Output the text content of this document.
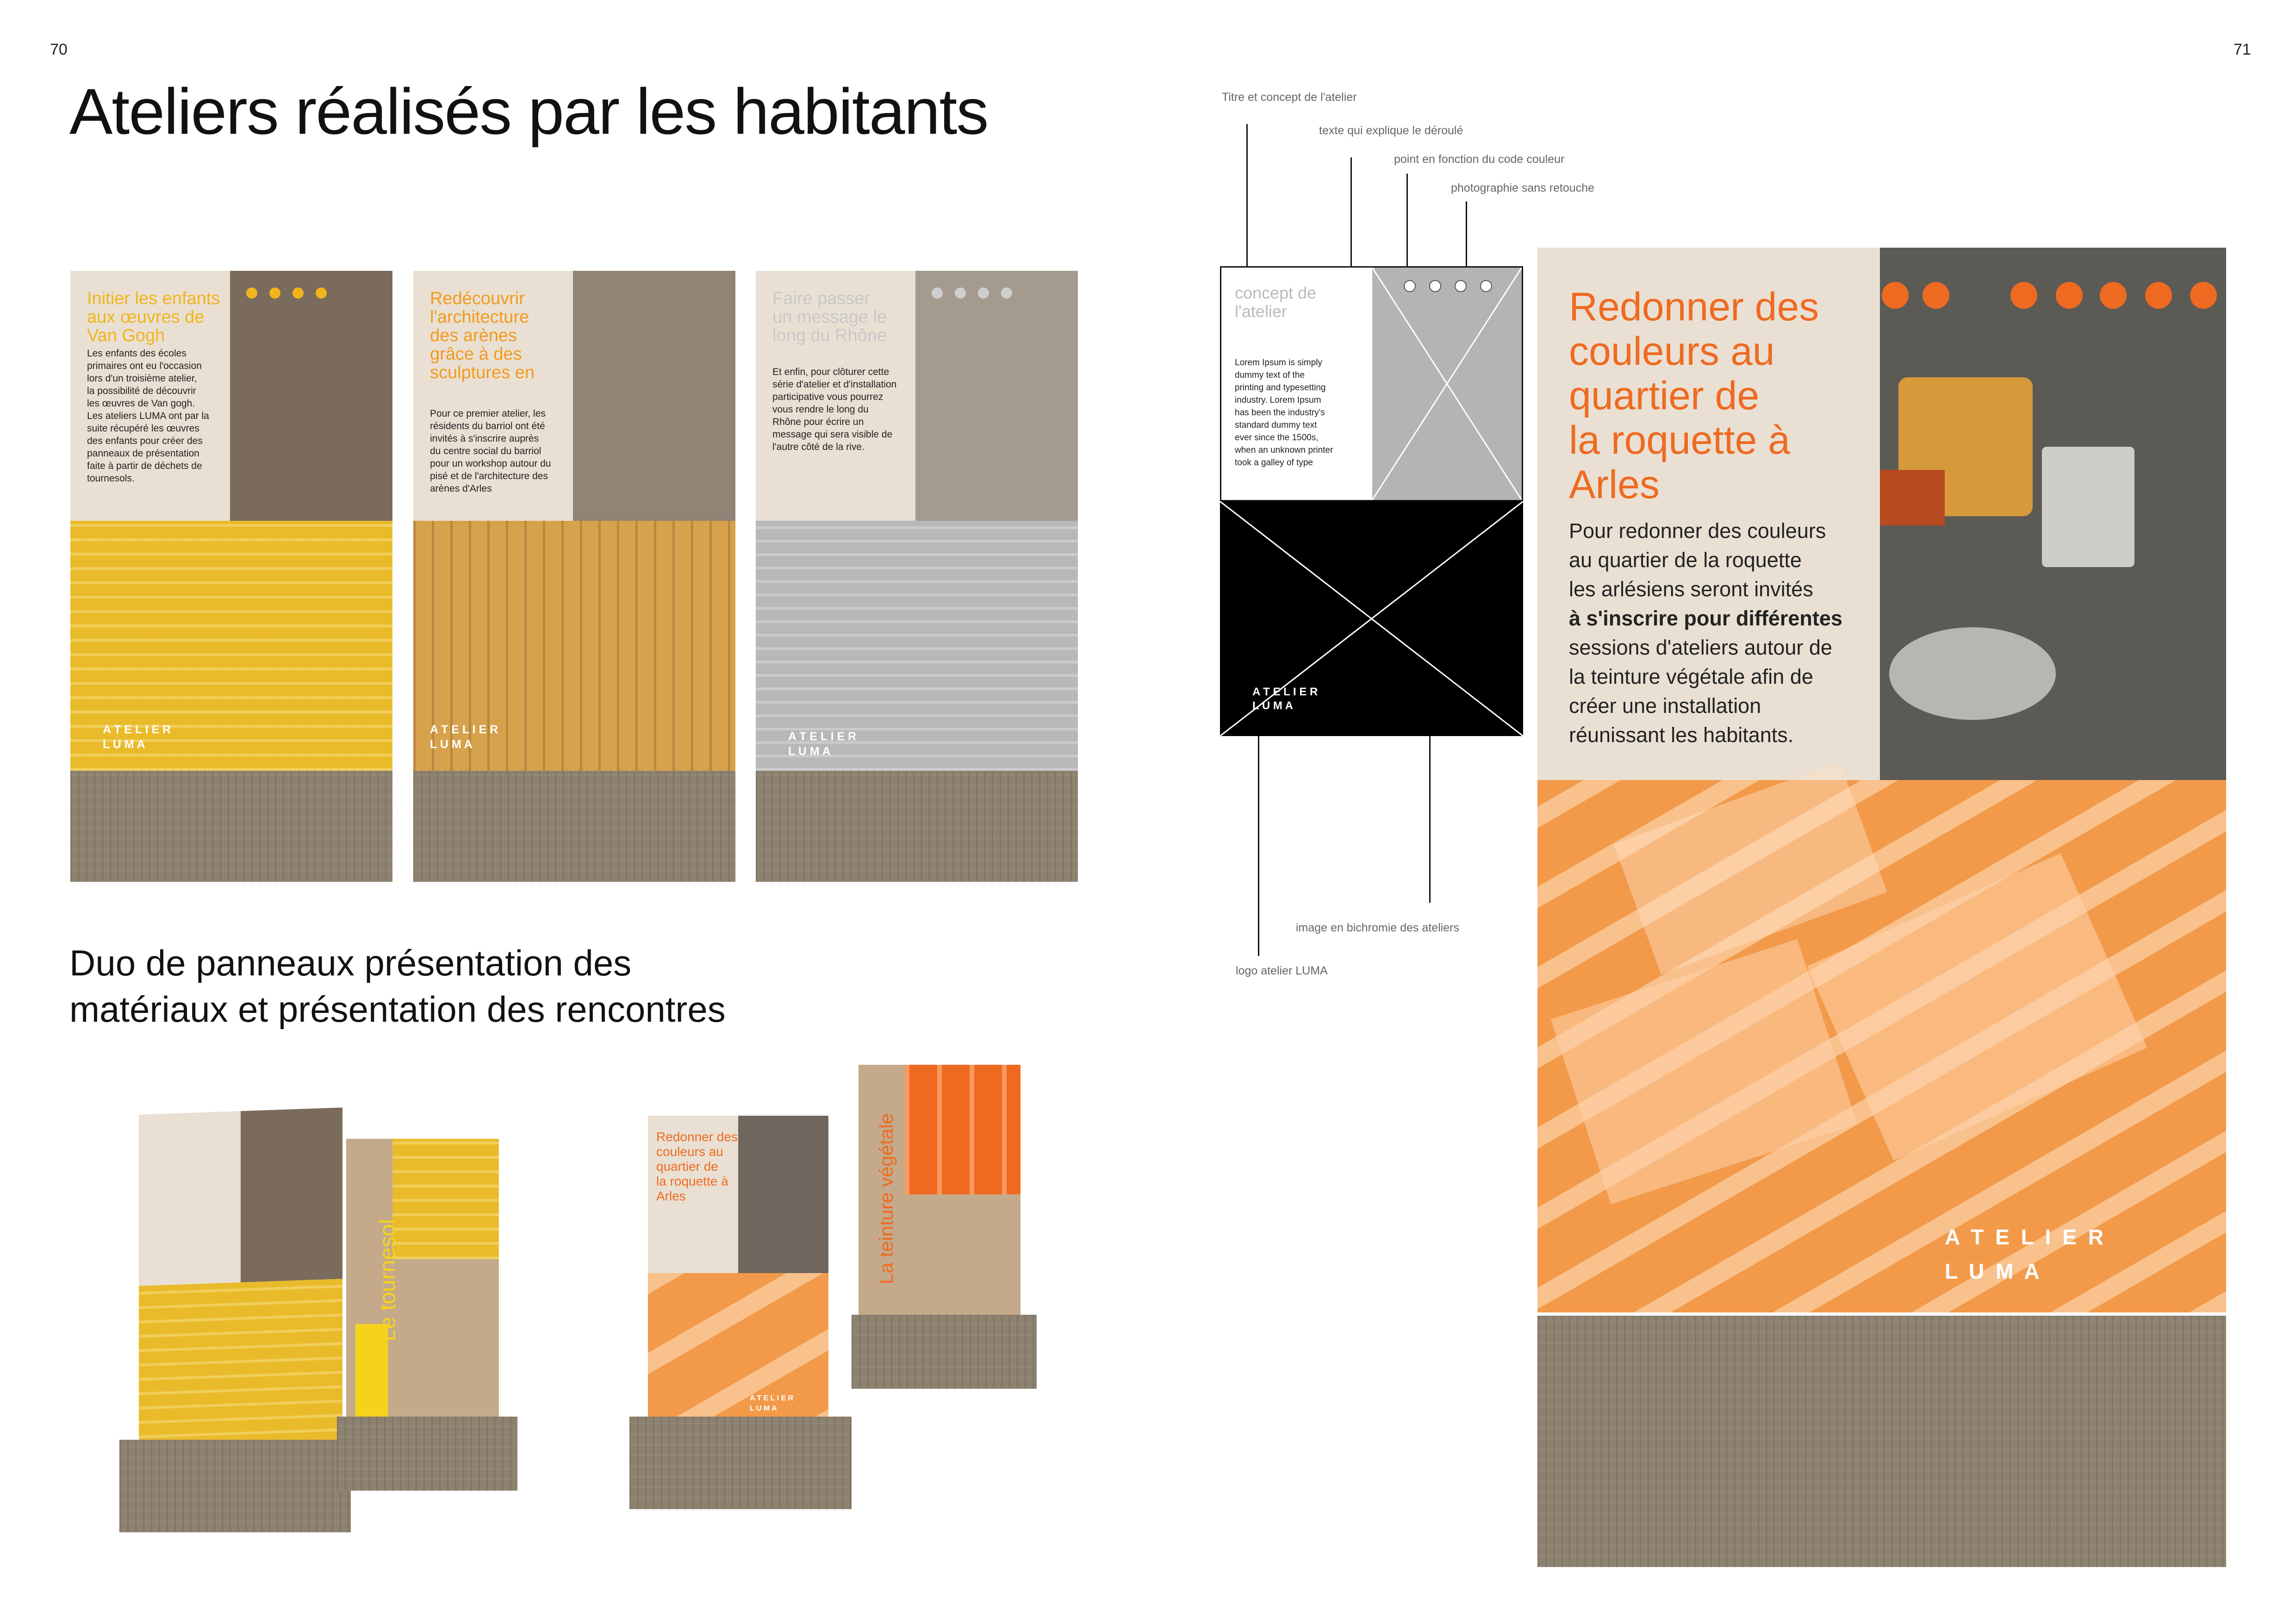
70
Ateliers réalisés par les habitants
Initier les enfants
aux œuvres de
Van Gogh
Les enfants des écoles
primaires ont eu l'occasion
lors d'un troisième atelier,
la possibilité de découvrir
les œuvres de Van gogh.
Les ateliers LUMA ont par la
suite récupéré les œuvres
des enfants pour créer des
panneaux de présentation
faite à partir de déchets de
tournesols.
A T E L I E R
L U M A
Redécouvrir
l'architecture
des arènes
grâce à des
sculptures en
Pour ce premier atelier, les
résidents du barriol ont été
invités à s'inscrire auprès
du centre social du barriol
pour un workshop autour du
pisé et de l'architecture des
arènes d'Arles
A T E L I E R
L U M A
Faire passer
un message le
long du Rhône
Et enfin, pour clôturer cette
série d'atelier et d'installation
participative vous pourrez
vous rendre le long du
Rhône pour écrire un
message qui sera visible de
l'autre côté de la rive.
A T E L I E R
L U M A
Duo de panneaux présentation des
matériaux et présentation des rencontres
Le tournesol
Redonner des
couleurs au
quartier de
la roquette à
Arles
A T E L I E R
L U M A
La teinture végétale
71
Titre et concept de l'atelier
texte qui explique le déroulé
point en fonction du code couleur
photographie sans retouche
image en bichromie des ateliers
logo atelier LUMA
concept de
l'atelier
Lorem Ipsum is simply
dummy text of the
printing and typesetting
industry. Lorem Ipsum
has been the industry's
standard dummy text
ever since the 1500s,
when an unknown printer
took a galley of type
A T E L I E R
L U M A
Redonner des
couleurs au
quartier de
la roquette à
Arles
Pour redonner des couleurs
au quartier de la roquette
les arlésiens seront invités
à s'inscrire pour différentes
sessions d'ateliers autour de
la teinture végétale afin de
créer une installation
réunissant les habitants.
A T E L I E R
L U M A
